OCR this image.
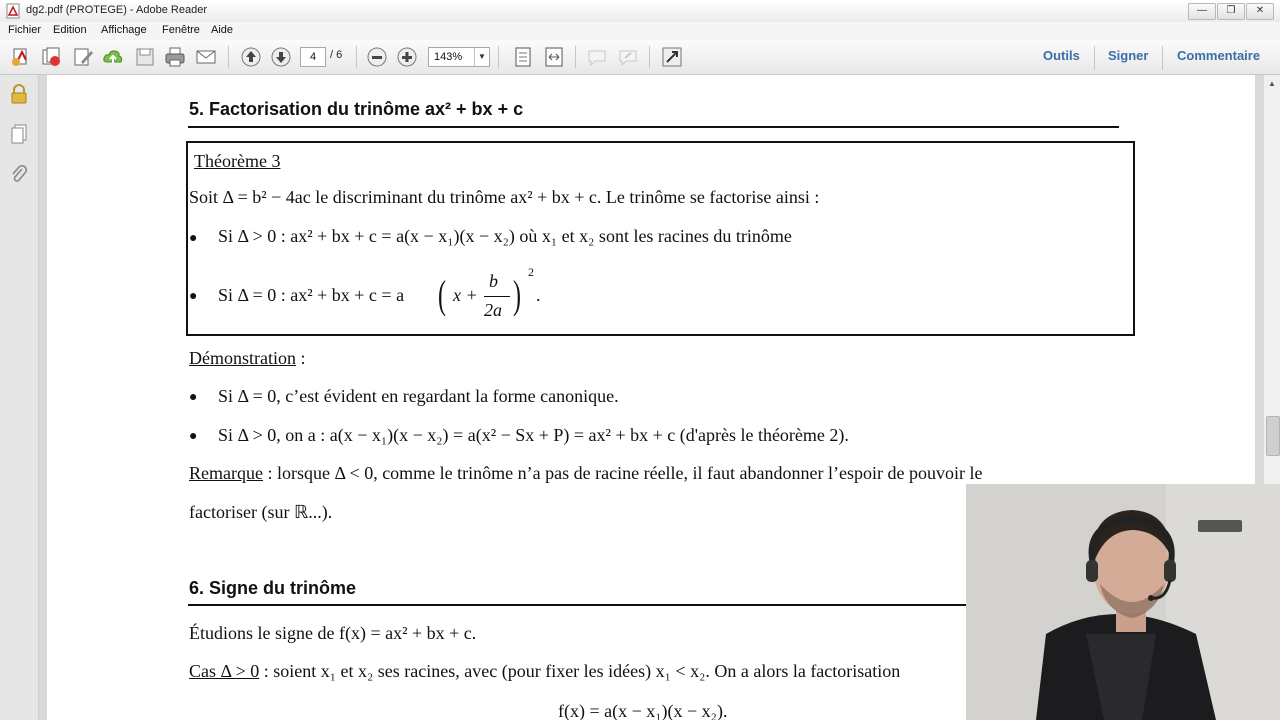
dg2.pdf (PROTEGE) - Adobe Reader	—	❐	✕
Fichier Edition Affichage Fenêtre Aide
4	/ 6	143%	▼	Outils Signer Commentaire
5. Factorisation du trinôme ax² + bx + c
Théorème 3
Soit Δ = b² − 4ac le discriminant du trinôme ax² + bx + c. Le trinôme se factorise ainsi :
● Si Δ > 0 : ax² + bx + c = a(x − x₁)(x − x₂) où x₁ et x₂ sont les racines du trinôme
● Si Δ = 0 : ax² + bx + c = a ( x +
b
2a ) 2
.
Démonstration :
● Si Δ = 0, c’est évident en regardant la forme canonique.
● Si Δ > 0, on a : a(x − x₁)(x − x₂) = a(x² − Sx + P) = ax² + bx + c (d'après le théorème 2).
Remarque : lorsque Δ < 0, comme le trinôme n’a pas de racine réelle, il faut abandonner l’espoir de pouvoir le
factoriser (sur ℝ...).
6. Signe du trinôme
Étudions le signe de f(x) = ax² + bx + c.
Cas Δ > 0 : soient x₁ et x₂ ses racines, avec (pour fixer les idées) x₁ < x₂. On a alors la factorisation
f(x) = a(x − x₁)(x − x₂).
▲
